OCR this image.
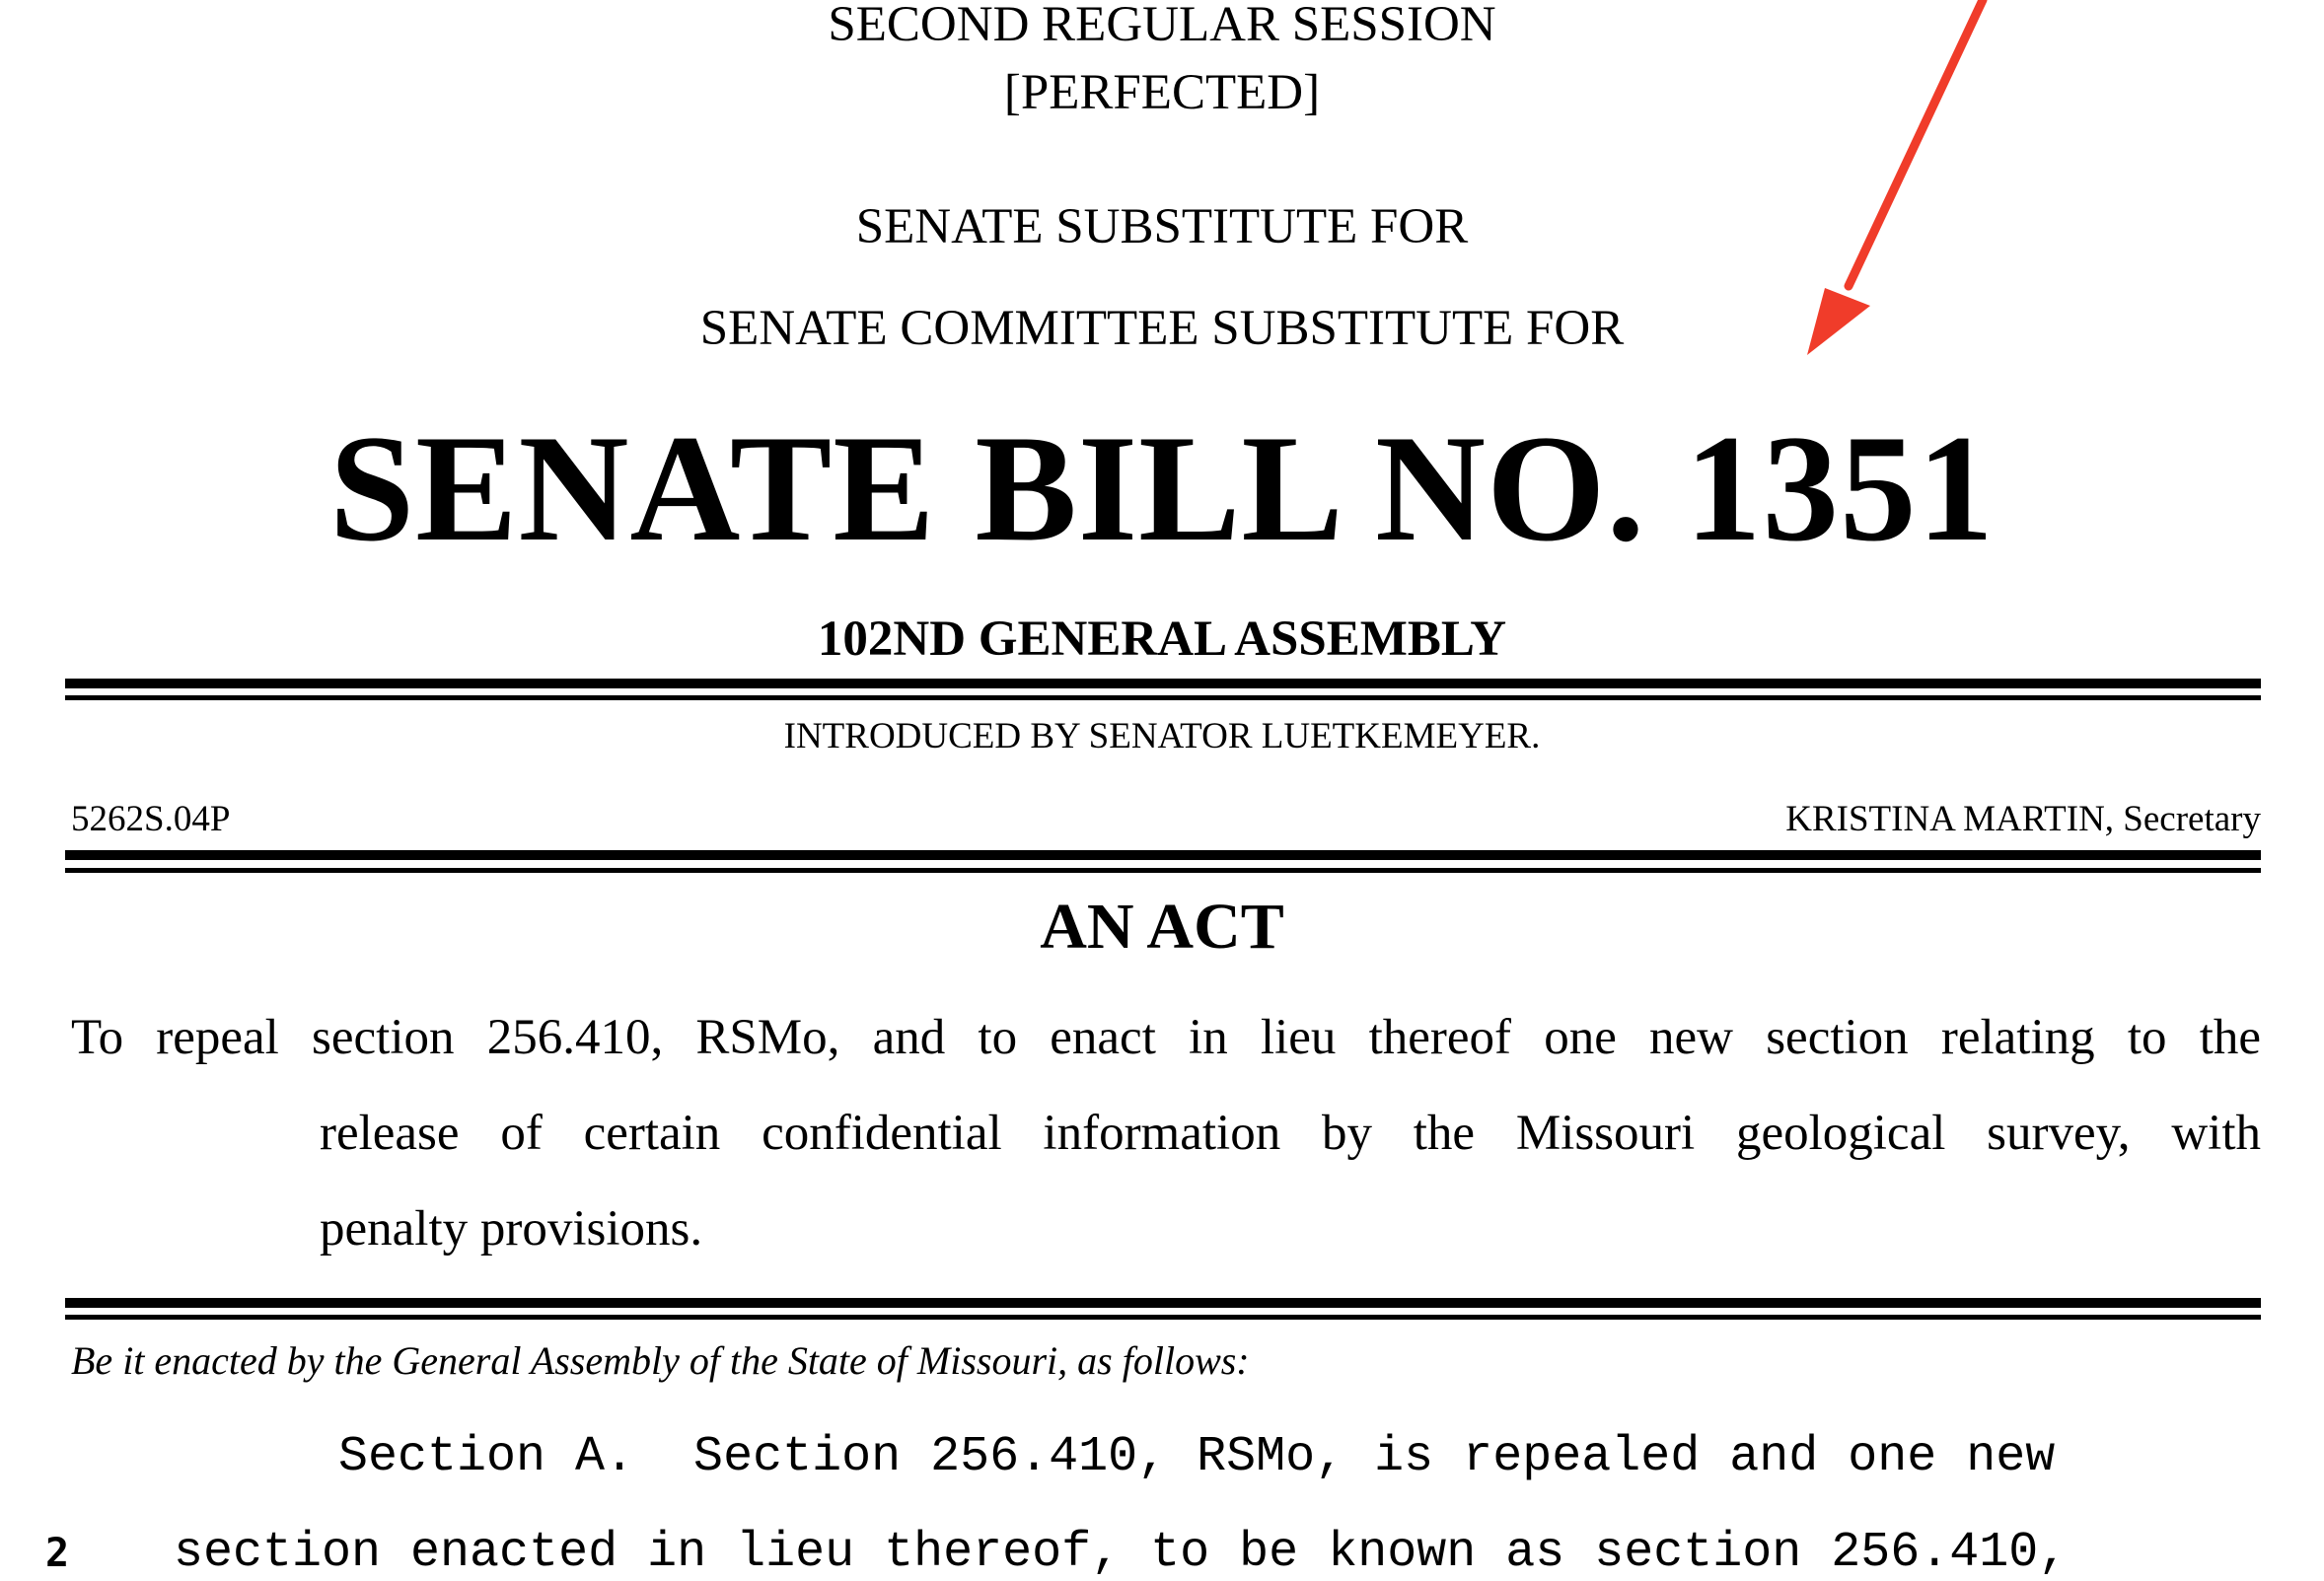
SECOND REGULAR SESSION
[PERFECTED]
SENATE SUBSTITUTE FOR
SENATE COMMITTEE SUBSTITUTE FOR
SENATE BILL NO. 1351
102ND GENERAL ASSEMBLY
INTRODUCED BY SENATOR LUETKEMEYER.
5262S.04P	KRISTINA MARTIN, Secretary
AN ACT
To repeal section 256.410, RSMo, and to enact in lieu thereof one new section relating to the
release of certain confidential information by the Missouri geological survey, with
penalty provisions.
Be it enacted by the General Assembly of the State of Missouri, as follows:
Section A.  Section 256.410, RSMo, is repealed and one new
2 section enacted in lieu thereof, to be known as section 256.410,
